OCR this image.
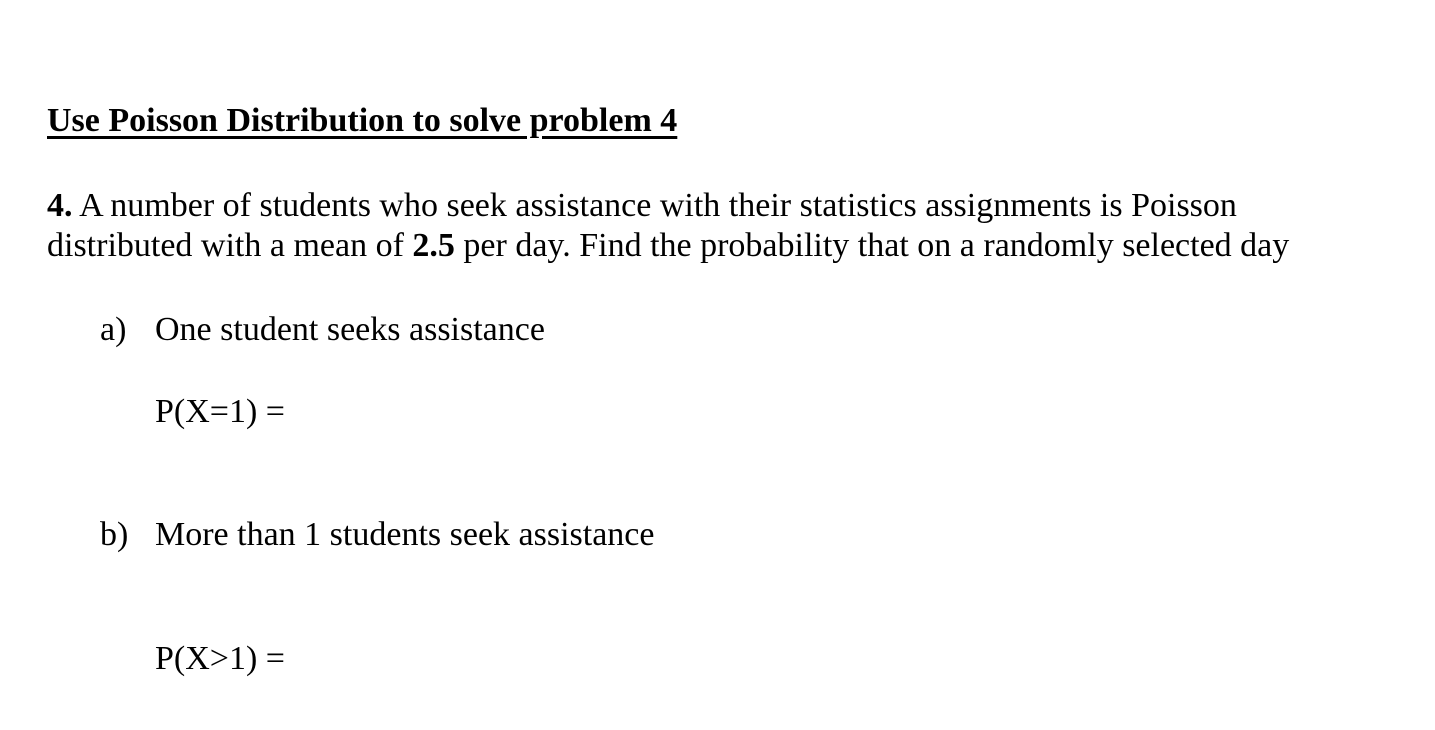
Use Poisson Distribution to solve problem 4

4. A number of students who seek assistance with their statistics assignments is Poisson distributed with a mean of 2.5 per day. Find the probability that on a randomly selected day

a) One student seeks assistance
P(X=1) =
b) More than 1 students seek assistance
P(X>1) =
